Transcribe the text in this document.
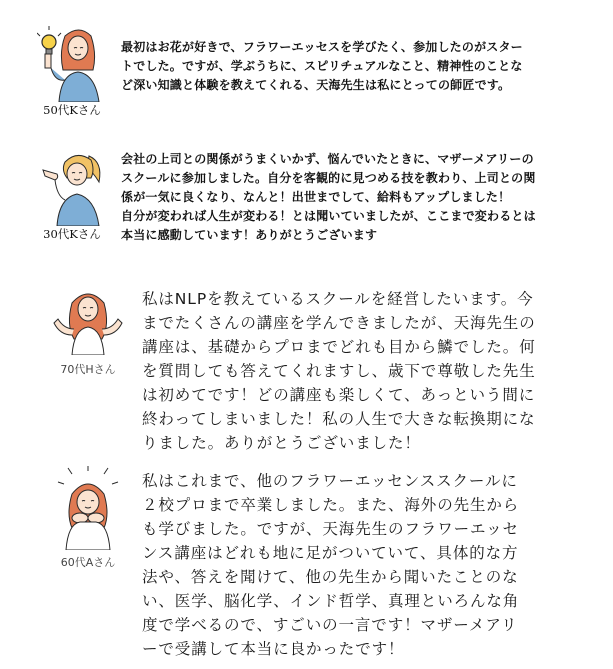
50代Kさん
最初はお花が好きで、フラワーエッセスを学びたく、参加したのがスター
トでした。ですが、学ぶうちに、スピリチュアルなこと、精神性のことな
ど深い知識と体験を教えてくれる、天海先生は私にとっての師匠です。
30代Kさん
会社の上司との関係がうまくいかず、悩んでいたときに、マザーメアリーの
スクールに参加しました。自分を客観的に見つめる技を教わり、上司との関
係が一気に良くなり、なんと！出世までして、給料もアップしました！
自分が変われば人生が変わる！とは聞いていましたが、ここまで変わるとは
本当に感動しています！ありがとうございます
70代Hさん
私はNLPを教えているスクールを経営したいます。今
までたくさんの講座を学んできましたが、天海先生の
講座は、基礎からプロまでどれも目から鱗でした。何
を質問しても答えてくれますし、歳下で尊敬した先生
は初めてです！どの講座も楽しくて、あっという間に
終わってしまいました！私の人生で大きな転換期にな
りました。ありがとうございました！
60代Aさん
私はこれまで、他のフラワーエッセンススクールに
２校プロまで卒業しました。また、海外の先生から
も学びました。ですが、天海先生のフラワーエッセ
ンス講座はどれも地に足がついていて、具体的な方
法や、答えを聞けて、他の先生から聞いたことのな
い、医学、脳化学、インド哲学、真理といろんな角
度で学べるので、すごいの一言です！マザーメアリ
ーで受講して本当に良かったです！
